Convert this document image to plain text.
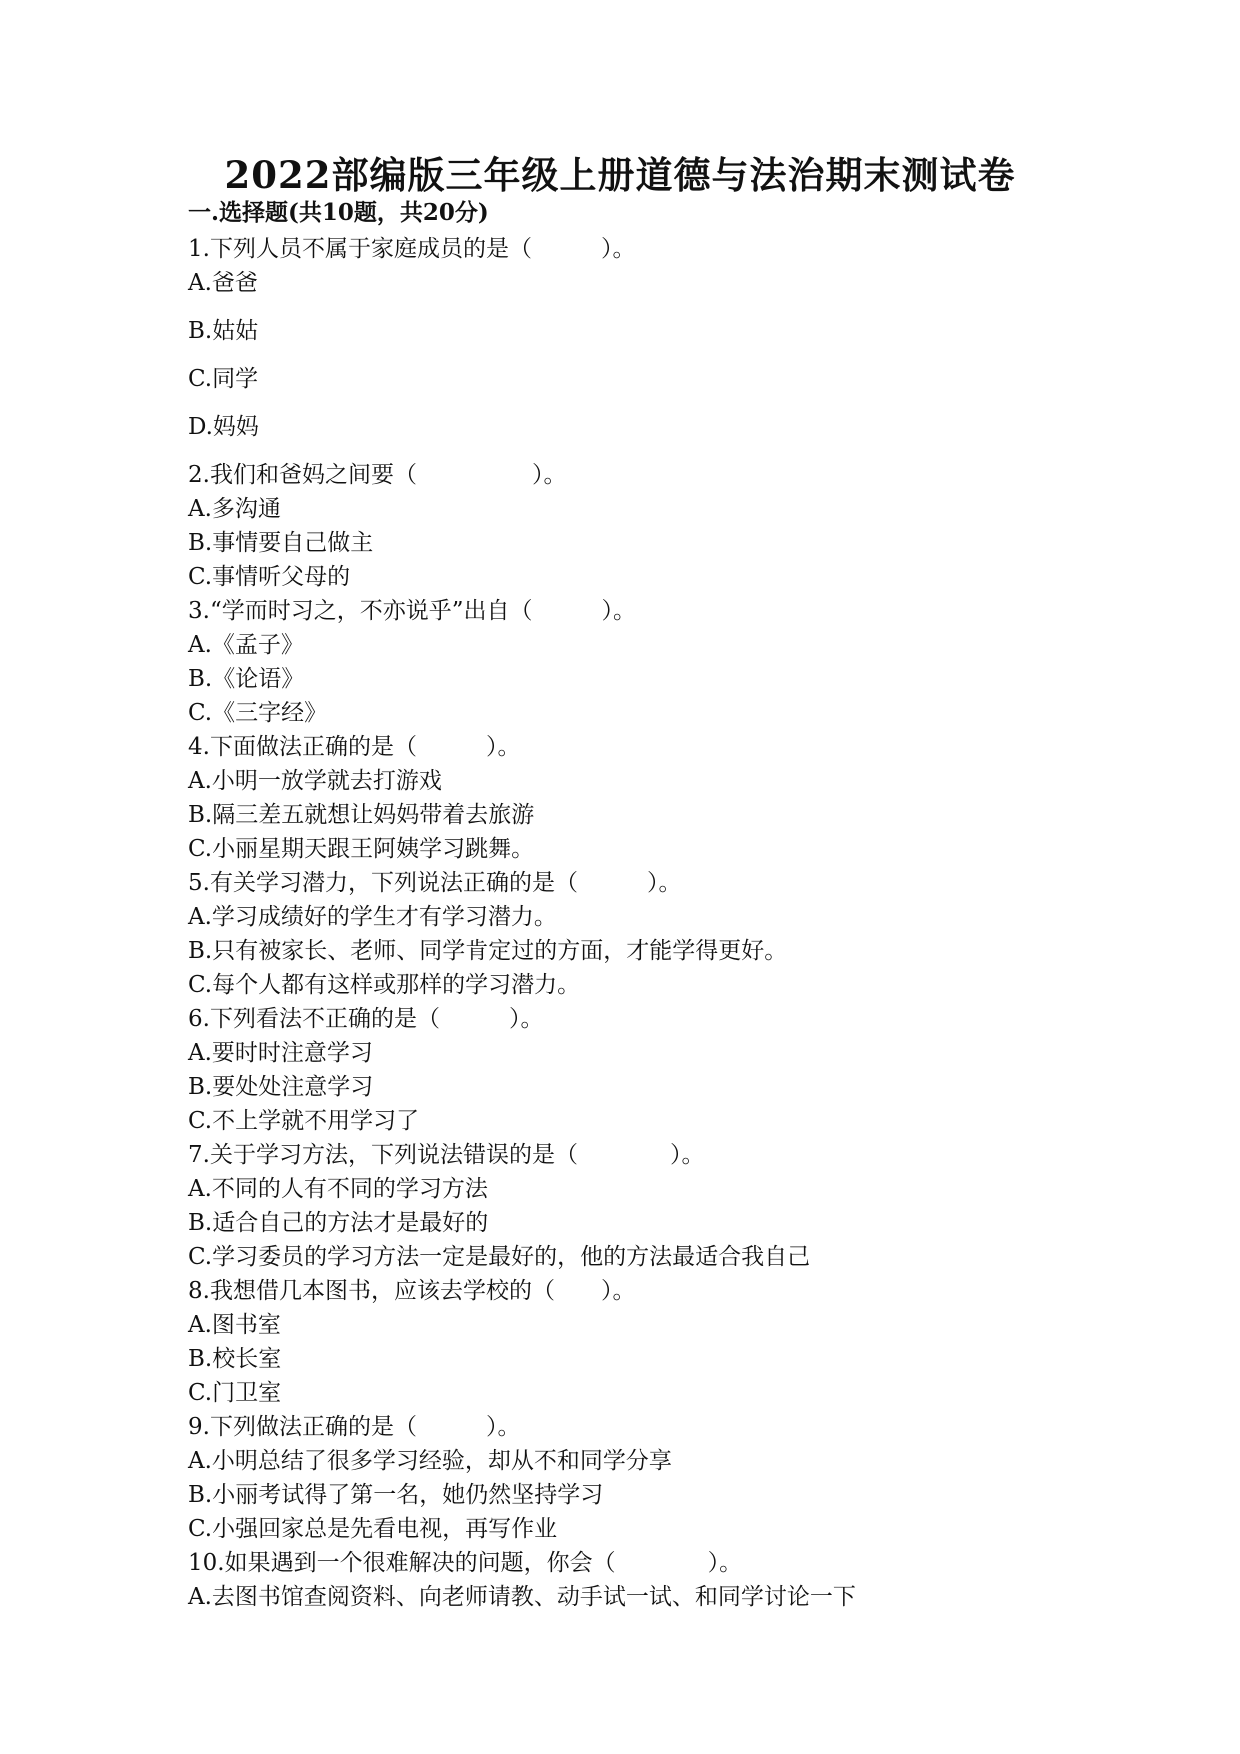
2022部编版三年级上册道德与法治期末测试卷
一.选择题(共10题，共20分)
1.下列人员不属于家庭成员的是（　　　）。
A.爸爸
B.姑姑
C.同学
D.妈妈
2.我们和爸妈之间要（　　　　　）。
A.多沟通
B.事情要自己做主
C.事情听父母的
3.“学而时习之，不亦说乎”出自（　　　）。
A.《孟子》
B.《论语》
C.《三字经》
4.下面做法正确的是（　　　）。
A.小明一放学就去打游戏
B.隔三差五就想让妈妈带着去旅游
C.小丽星期天跟王阿姨学习跳舞。
5.有关学习潜力，下列说法正确的是（　　　）。
A.学习成绩好的学生才有学习潜力。
B.只有被家长、老师、同学肯定过的方面，才能学得更好。
C.每个人都有这样或那样的学习潜力。
6.下列看法不正确的是（　　　）。
A.要时时注意学习
B.要处处注意学习
C.不上学就不用学习了
7.关于学习方法，下列说法错误的是（　　　　）。
A.不同的人有不同的学习方法
B.适合自己的方法才是最好的
C.学习委员的学习方法一定是最好的，他的方法最适合我自己
8.我想借几本图书，应该去学校的（　　）。
A.图书室
B.校长室
C.门卫室
9.下列做法正确的是（　　　）。
A.小明总结了很多学习经验，却从不和同学分享
B.小丽考试得了第一名，她仍然坚持学习
C.小强回家总是先看电视，再写作业
10.如果遇到一个很难解决的问题，你会（　　　　）。
A.去图书馆查阅资料、向老师请教、动手试一试、和同学讨论一下
